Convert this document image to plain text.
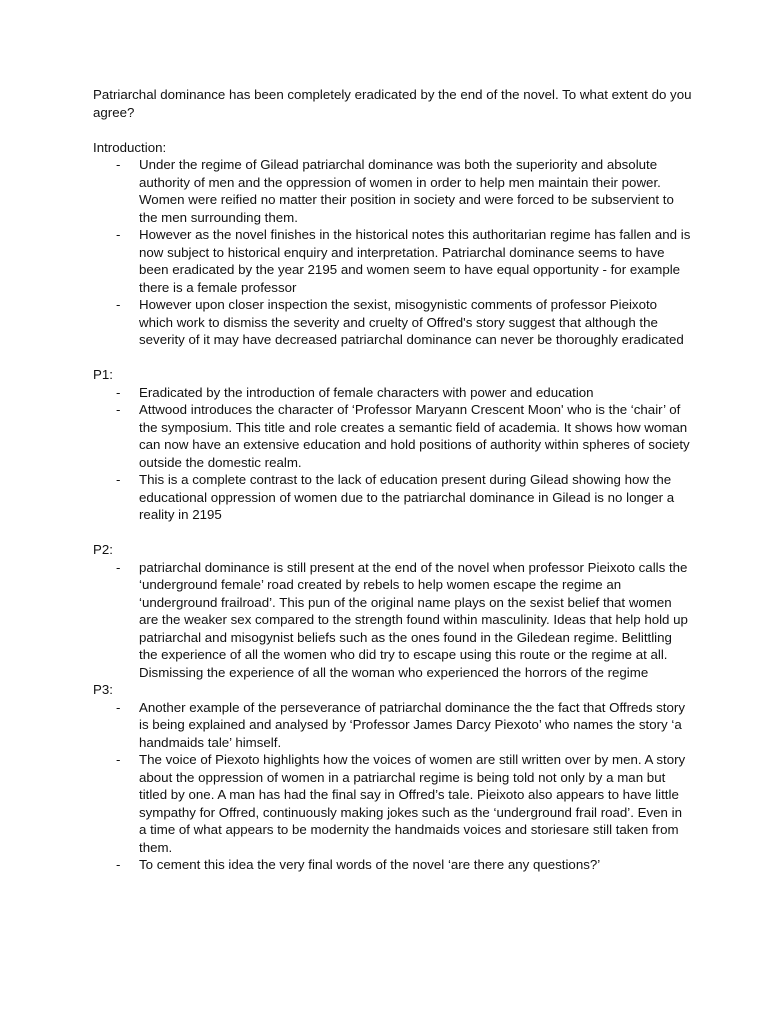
Patriarchal dominance has been completely eradicated by the end of the novel. To what extent do you agree?

Introduction:

- Under the regime of Gilead patriarchal dominance was both the superiority and absolute authority of men and the oppression of women in order to help men maintain their power. Women were reified no matter their position in society and were forced to be subservient to the men surrounding them.
- However as the novel finishes in the historical notes this authoritarian regime has fallen and is now subject to historical enquiry and interpretation. Patriarchal dominance seems to have been eradicated by the year 2195 and women seem to have equal opportunity - for example there is a female professor
- However upon closer inspection the sexist, misogynistic comments of professor Pieixoto which work to dismiss the severity and cruelty of Offred's story suggest that although the severity of it may have decreased patriarchal dominance can never be thoroughly eradicated

P1:

- Eradicated by the introduction of female characters with power and education
- Attwood introduces the character of ‘Professor Maryann Crescent Moon' who is the ‘chair’ of the symposium. This title and role creates a semantic field of academia. It shows how woman can now have an extensive education and hold positions of authority within spheres of society outside the domestic realm.
- This is a complete contrast to the lack of education present during Gilead showing how the educational oppression of women due to the patriarchal dominance in Gilead is no longer a reality in 2195

P2:

- patriarchal dominance is still present at the end of the novel when professor Pieixoto calls the ‘underground female’ road created by rebels to help women escape the regime an ‘underground frailroad’. This pun of the original name plays on the sexist belief that women are the weaker sex compared to the strength found within masculinity. Ideas that help hold up patriarchal and misogynist beliefs such as the ones found in the Giledean regime. Belittling the experience of all the women who did try to escape using this route or the regime at all. Dismissing the experience of all the woman who experienced the horrors of the regime

P3:

- Another example of the perseverance of patriarchal dominance the the fact that Offreds story is being explained and analysed by ‘Professor James Darcy Piexoto’ who names the story ‘a handmaids tale’ himself.
- The voice of Piexoto highlights how the voices of women are still written over by men. A story about the oppression of women in a patriarchal regime is being told not only by a man but titled by one. A man has had the final say in Offred’s tale. Pieixoto also appears to have little sympathy for Offred, continuously making jokes such as the ‘underground frail road’. Even in a time of what appears to be modernity the handmaids voices and storiesare still taken from them.
- To cement this idea the very final words of the novel ‘are there any questions?’
